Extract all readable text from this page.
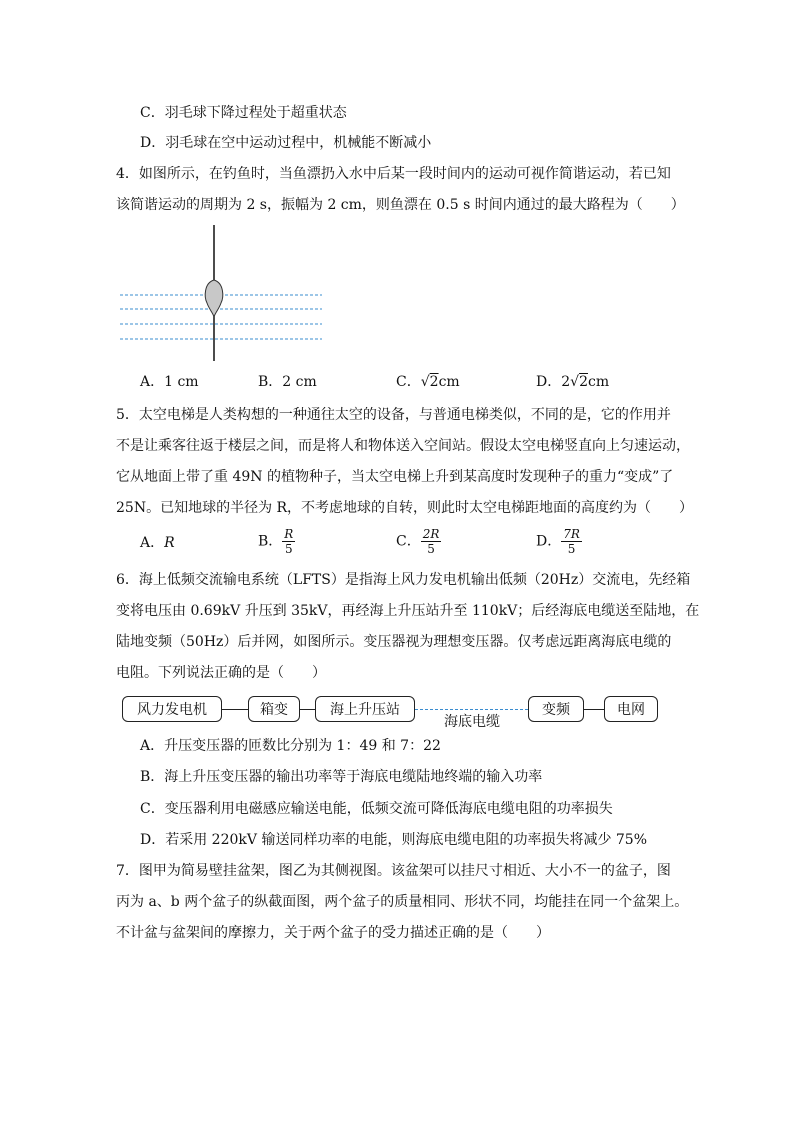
C．羽毛球下降过程处于超重状态
D．羽毛球在空中运动过程中，机械能不断减小
4．如图所示，在钓鱼时，当鱼漂扔入水中后某一段时间内的运动可视作简谐运动，若已知
该简谐运动的周期为 2 s，振幅为 2 cm，则鱼漂在 0.5 s 时间内通过的最大路程为（　　）
A．1 cm	B．2 cm	C．√2cm	D．2√2cm
5．太空电梯是人类构想的一种通往太空的设备，与普通电梯类似，不同的是，它的作用并
不是让乘客往返于楼层之间，而是将人和物体送入空间站。假设太空电梯竖直向上匀速运动，
它从地面上带了重 49N 的植物种子，当太空电梯上升到某高度时发现种子的重力“变成”了
25N。已知地球的半径为 R，不考虑地球的自转，则此时太空电梯距地面的高度约为（　　）
A．R	B． $\frac{R}{5}$	C． $\frac{2R}{5}$	D． $\frac{7R}{5}$
6．海上低频交流输电系统（LFTS）是指海上风力发电机输出低频（20Hz）交流电，先经箱
变将电压由 0.69kV 升压到 35kV，再经海上升压站升至 110kV；后经海底电缆送至陆地，在
陆地变频（50Hz）后并网，如图所示。变压器视为理想变压器。仅考虑远距离海底电缆的
电阻。下列说法正确的是（　　）
风力发电机	箱变	海上升压站
海底电缆
变频	电网
A．升压变压器的匝数比分别为 1：49 和 7：22
B．海上升压变压器的输出功率等于海底电缆陆地终端的输入功率
C．变压器利用电磁感应输送电能，低频交流可降低海底电缆电阻的功率损失
D．若采用 220kV 输送同样功率的电能，则海底电缆电阻的功率损失将减少 75%
7．图甲为简易壁挂盆架，图乙为其侧视图。该盆架可以挂尺寸相近、大小不一的盆子，图
丙为 a、b 两个盆子的纵截面图，两个盆子的质量相同、形状不同，均能挂在同一个盆架上。
不计盆与盆架间的摩擦力，关于两个盆子的受力描述正确的是（　　）
